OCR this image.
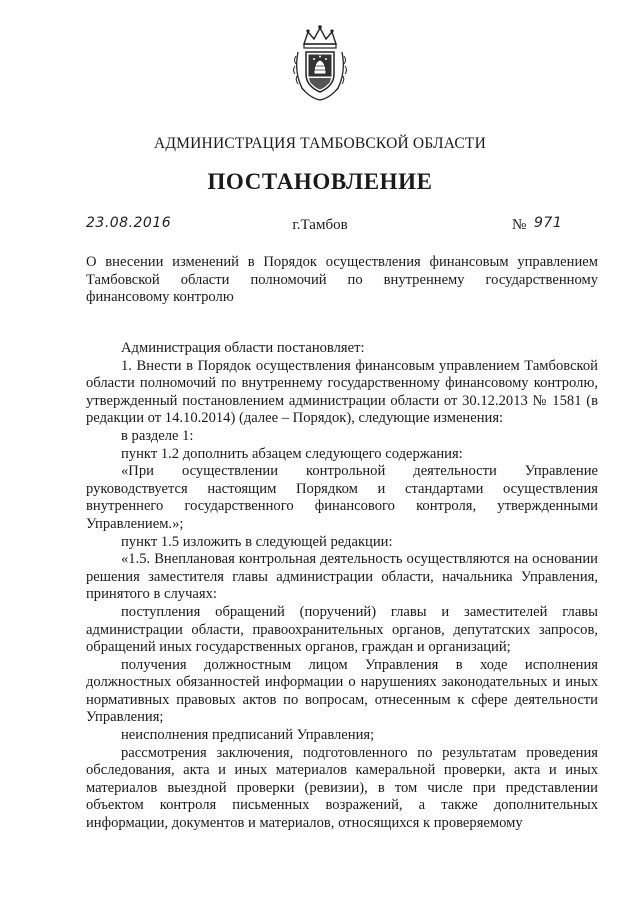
АДМИНИСТРАЦИЯ ТАМБОВСКОЙ ОБЛАСТИ
ПОСТАНОВЛЕНИЕ
23.08.2016	г.Тамбов	№ 971
О внесении изменений в Порядок осуществления финансовым управлением Тамбовской области полномочий по внутреннему государственному финансовому контролю

Администрация области постановляет:

1. Внести в Порядок осуществления финансовым управлением Тамбовской области полномочий по внутреннему государственному финансовому контролю, утвержденный постановлением администрации области от 30.12.2013 № 1581 (в редакции от 14.10.2014) (далее – Порядок), следующие изменения:

в разделе 1:

пункт 1.2 дополнить абзацем следующего содержания:

«При осуществлении контрольной деятельности Управление руководствуется настоящим Порядком и стандартами осуществления внутреннего государственного финансового контроля, утвержденными Управлением.»;

пункт 1.5 изложить в следующей редакции:

«1.5. Внеплановая контрольная деятельность осуществляются на основании решения заместителя главы администрации области, начальника Управления, принятого в случаях:

поступления обращений (поручений) главы и заместителей главы администрации области, правоохранительных органов, депутатских запросов, обращений иных государственных органов, граждан и организаций;

получения должностным лицом Управления в ходе исполнения должностных обязанностей информации о нарушениях законодательных и иных нормативных правовых актов по вопросам, отнесенным к сфере деятельности Управления;

неисполнения предписаний Управления;

рассмотрения заключения, подготовленного по результатам проведения обследования, акта и иных материалов камеральной проверки, акта и иных материалов выездной проверки (ревизии), в том числе при представлении объектом контроля письменных возражений, а также дополнительных информации, документов и материалов, относящихся к проверяемому
